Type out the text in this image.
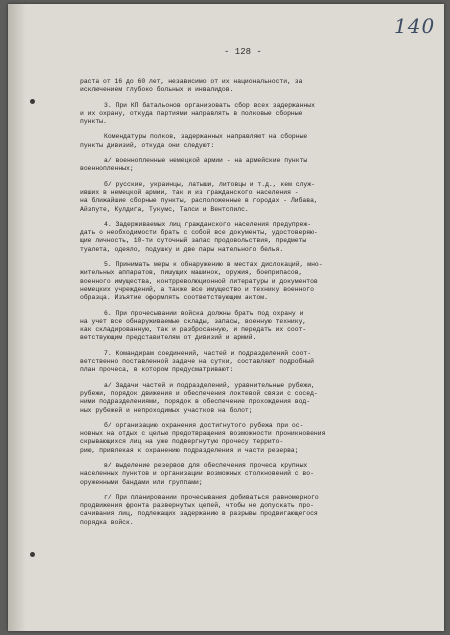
140
- 128 -

раста от 16 до 60 лет, независимо от их национальности, за
исключением глубоко больных и инвалидов.

3. При КП батальонов организовать сбор всех задержанных
и их охрану, откуда партиями направлять в полковые сборные
пункты.

Комендатуры полков, задержанных направляют на сборные
пункты дивизий, откуда они следуют:

а/ военнопленные немецкой армии - на армейские пункты
военнопленных;

б/ русские, украинцы, латыши, литовцы и т.д., кем служ-
ивших в немецкой армии, так и из гражданского населения -
на ближайшие сборные пункты, расположенные в городах - Либава,
Айзпуте, Кулдига, Тукумс, Талси и Вентспилс.

4. Задерживаемых лиц гражданского населения предупреж-
дать о необходимости брать с собой все документы, удостоверяю-
щие личность, 10-ти суточный запас продовольствия, предметы
туалета, одеяло, подушку и две пары нательного белья.

5. Принимать меры к обнаружению в местах дислокаций, мно-
жительных аппаратов, пишущих машинок, оружия, боеприпасов,
военного имущества, контрреволюционной литературы и документов
немецких учреждений, а также все имущество и технику военного
образца. Изъятие оформлять соответствующим актом.

6. При прочесывании войска должны брать под охрану и
на учет все обнаруживаемые склады, запасы, военную технику,
как складированную, так и разбросанную, и передать их соот-
ветствующим представителям от дивизий и армий.

7. Командирам соединений, частей и подразделений соот-
ветственно поставленной задаче на сутки, составляют подробный
план прочеса, в котором предусматривают:

а/ Задачи частей и подразделений, уравнительные рубежи,
рубежи, порядок движения и обеспечения локтевой связи с сосед-
ними подразделениями, порядок в обеспечение прохождения вод-
ных рубежей и непроходимых участков на болот;

б/ организацию охранения достигнутого рубежа при ос-
новных на отдых с целью предотвращения возможности проникновения
скрывающихся лиц на уже подвергнутую прочесу террито-
рию, привлекая к охранению подразделения и части резерва;

в/ выделение резервов для обеспечения прочеса крупных
населенных пунктов и организации возможных столкновений с во-
оруженными бандами или группами;

г/ При планировании прочесывания добиваться равномерного
продвижения фронта развернутых цепей, чтобы не допускать про-
сачивания лиц, подлежащих задержанию в разрывы продвигающегося
порядка войск.
